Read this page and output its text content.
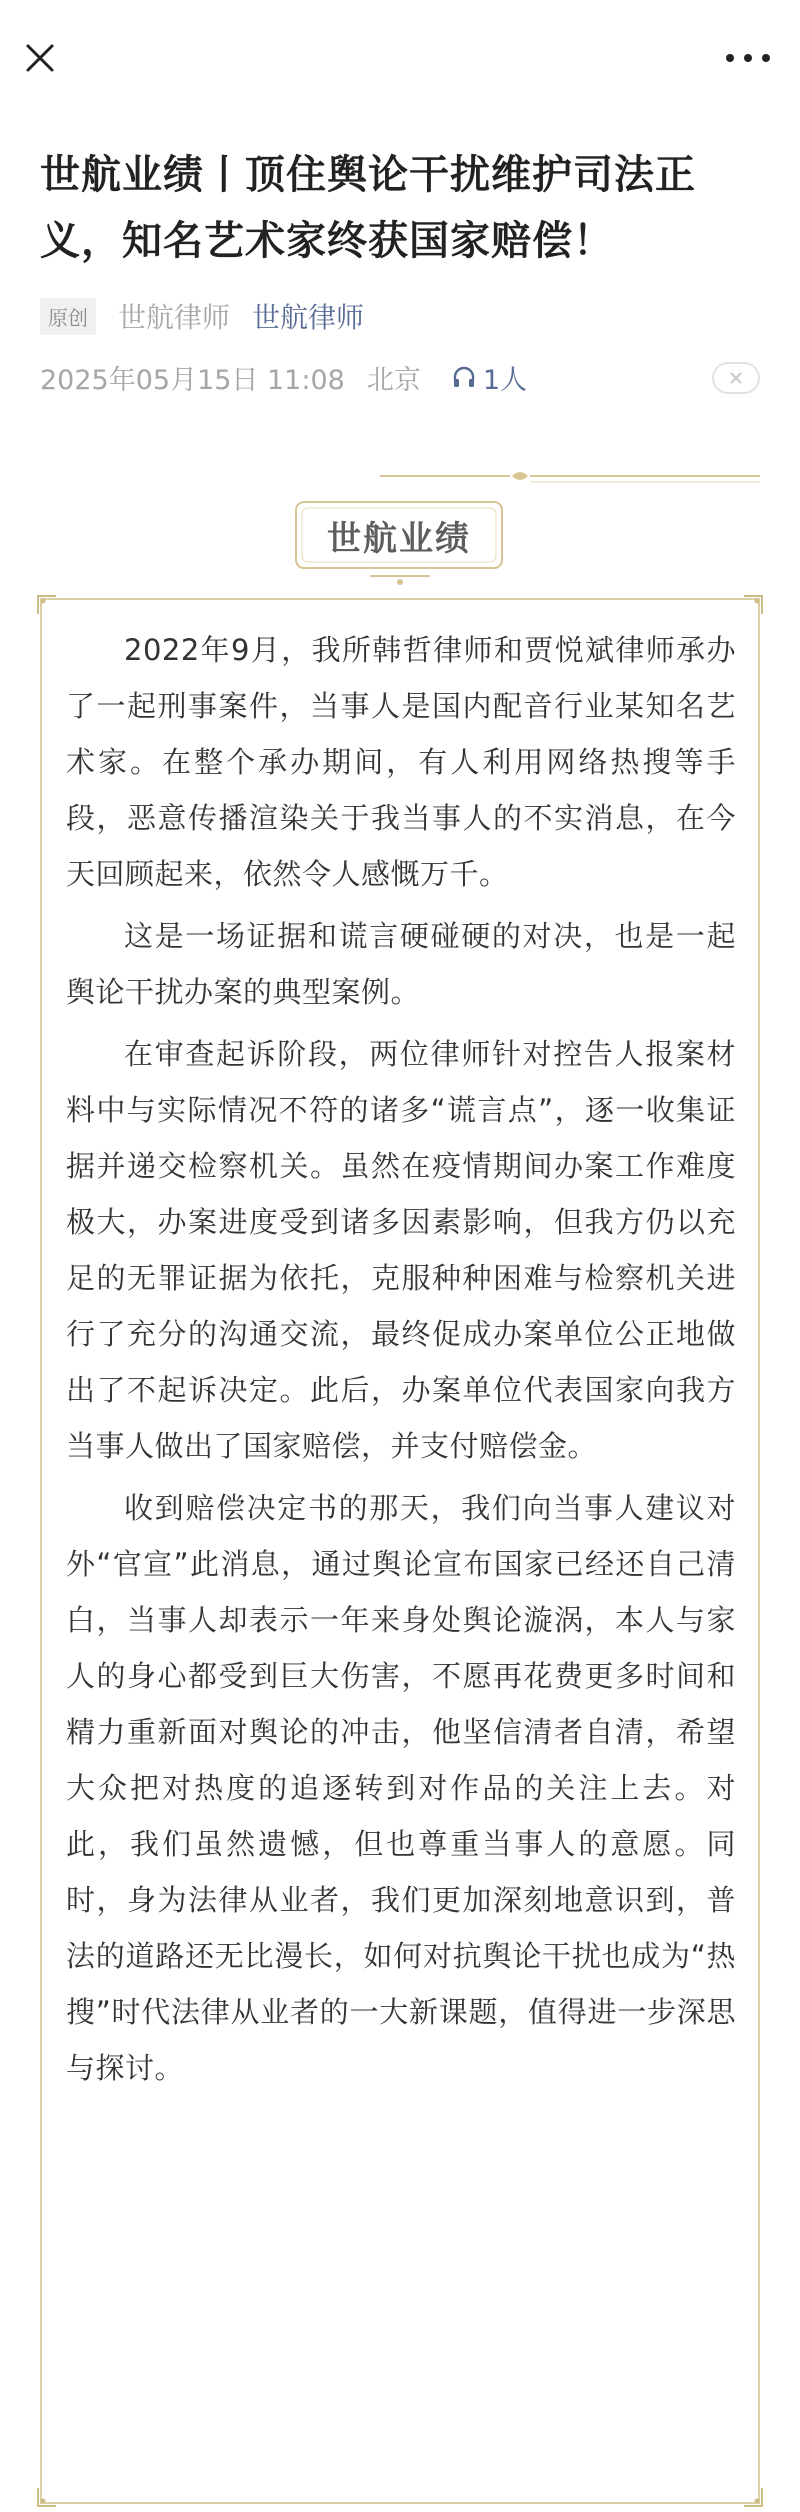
世航业绩丨顶住舆论干扰维护司法正义，知名艺术家终获国家赔偿！
原创 世航律师 世航律师
2025年05月15日 11:08 北京 1人
世航业绩

2022年9月，我所韩哲律师和贾悦斌律师承办了一起刑事案件，当事人是国内配音行业某知名艺术家。在整个承办期间，有人利用网络热搜等手段，恶意传播渲染关于我当事人的不实消息，在今天回顾起来，依然令人感慨万千。

这是一场证据和谎言硬碰硬的对决，也是一起舆论干扰办案的典型案例。

在审查起诉阶段，两位律师针对控告人报案材料中与实际情况不符的诸多“谎言点”，逐一收集证据并递交检察机关。虽然在疫情期间办案工作难度极大，办案进度受到诸多因素影响，但我方仍以充足的无罪证据为依托，克服种种困难与检察机关进行了充分的沟通交流，最终促成办案单位公正地做出了不起诉决定。此后，办案单位代表国家向我方当事人做出了国家赔偿，并支付赔偿金。

收到赔偿决定书的那天，我们向当事人建议对外“官宣”此消息，通过舆论宣布国家已经还自己清白，当事人却表示一年来身处舆论漩涡，本人与家人的身心都受到巨大伤害，不愿再花费更多时间和精力重新面对舆论的冲击，他坚信清者自清，希望大众把对热度的追逐转到对作品的关注上去。对此，我们虽然遗憾，但也尊重当事人的意愿。同时，身为法律从业者，我们更加深刻地意识到，普法的道路还无比漫长，如何对抗舆论干扰也成为“热搜”时代法律从业者的一大新课题，值得进一步深思与探讨。
